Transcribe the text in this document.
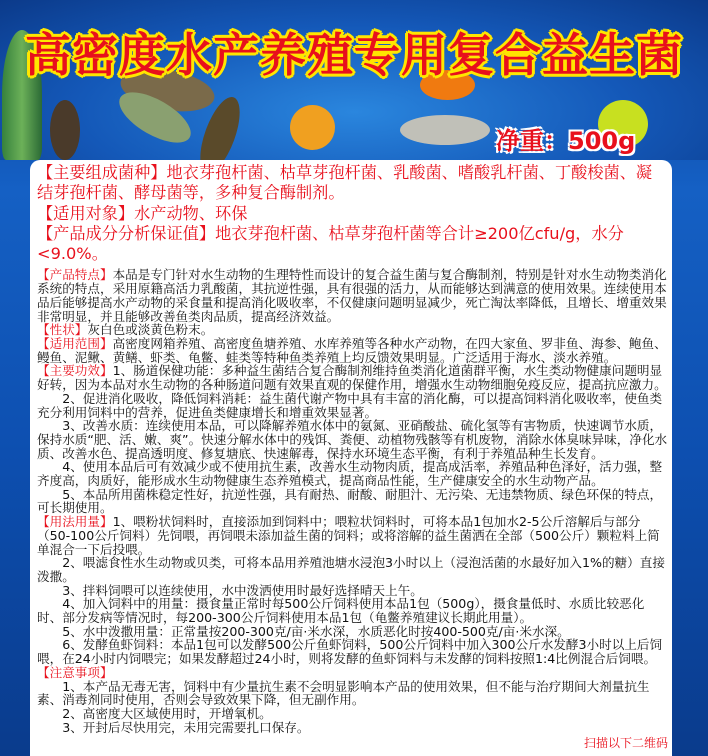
高密度水产养殖专用复合益生菌
净重：500g

【主要组成菌种】地衣芽孢杆菌、枯草芽孢杆菌、乳酸菌、嗜酸乳杆菌、丁酸梭菌、凝结芽孢杆菌、酵母菌等，多种复合酶制剂。

【适用对象】水产动物、环保

【产品成分分析保证值】地衣芽孢杆菌、枯草芽孢杆菌等合计≥200亿cfu/g，水分<9.0%。

【产品特点】本品是专门针对水生动物的生理特性而设计的复合益生菌与复合酶制剂，特别是针对水生动物类消化系统的特点，采用原籍高活力乳酸菌，其抗逆性强，具有很强的活力，从而能够达到满意的使用效果。连续使用本品后能够提高水产动物的采食量和提高消化吸收率，不仅健康问题明显减少，死亡淘汰率降低，且增长、增重效果非常明显，并且能够改善鱼类肉品质，提高经济效益。

【性状】灰白色或淡黄色粉末。

【适用范围】高密度网箱养殖、高密度鱼塘养殖、水库养殖等各种水产动物，在四大家鱼、罗非鱼、海参、鲍鱼、鳗鱼、泥鳅、黄鳝、虾类、龟鳖、蛙类等特种鱼类养殖上均反馈效果明显。广泛适用于海水、淡水养殖。

【主要功效】1、肠道保健功能：多种益生菌结合复合酶制剂维持鱼类消化道菌群平衡，水生类动物健康问题明显好转，因为本品对水生动物的各种肠道问题有效果直观的保健作用，增强水生动物细胞免疫反应，提高抗应激力。

2、促进消化吸收，降低饲料消耗：益生菌代谢产物中具有丰富的消化酶，可以提高饲料消化吸收率，使鱼类充分利用饲料中的营养，促进鱼类健康增长和增重效果显著。

3、改善水质：连续使用本品，可以降解养殖水体中的氨氮、亚硝酸盐、硫化氢等有害物质，快速调节水质，保持水质“肥、活、嫩、爽”。快速分解水体中的残饵、粪便、动植物残骸等有机废物，消除水体臭味异味，净化水质、改善水色、提高透明度、修复塘底、快速解毒，保持水环境生态平衡，有利于养殖品种生长发育。

4、使用本品后可有效减少或不使用抗生素，改善水生动物肉质，提高成活率，养殖品种色泽好，活力强，整齐度高，肉质好，能形成水生动物健康生态养殖模式，提高商品性能，生产健康安全的水生动物产品。

5、本品所用菌株稳定性好，抗逆性强，具有耐热、耐酸、耐胆汁、无污染、无违禁物质、绿色环保的特点，可长期使用。

【用法用量】1、喂粉状饲料时，直接添加到饲料中；喂粒状饲料时，可将本品1包加水2-5公斤溶解后与部分（50-100公斤饲料）先饲喂，再饲喂未添加益生菌的饲料；或将溶解的益生菌洒在全部（500公斤）颗粒料上简单混合一下后投喂。

2、喂滤食性水生动物或贝类，可将本品用养殖池塘水浸泡3小时以上（浸泡活菌的水最好加入1%的糖）直接泼撒。

3、拌料饲喂可以连续使用，水中泼洒使用时最好选择晴天上午。

4、加入饲料中的用量：摄食量正常时每500公斤饲料使用本品1包（500g），摄食量低时、水质比较恶化时、部分发病等情况时，每200-300公斤饲料使用本品1包（龟鳖养殖建议长期此用量）。

5、水中泼撒用量：正常量按200-300克/亩·米水深，水质恶化时按400-500克/亩·米水深。

6、发酵鱼虾饲料：本品1包可以发酵500公斤鱼虾饲料，500公斤饲料中加入300公斤水发酵3小时以上后饲喂，在24小时内饲喂完；如果发酵超过24小时，则将发酵的鱼虾饲料与未发酵的饲料按照1:4比例混合后饲喂。

【注意事项】

1、本产品无毒无害，饲料中有少量抗生素不会明显影响本产品的使用效果，但不能与治疗期间大剂量抗生素、消毒剂同时使用，否则会导致效果下降，但无副作用。

2、高密度大区域使用时，开增氧机。

3、开封后尽快用完，未用完需要扎口保存。

扫描以下二维码
